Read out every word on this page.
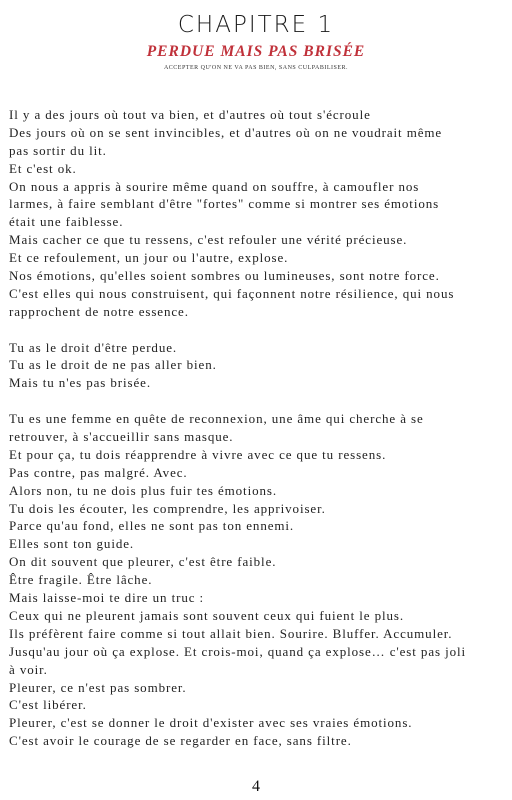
CHAPITRE 1
PERDUE MAIS PAS BRISÉE

ACCEPTER QU'ON NE VA PAS BIEN, SANS CULPABILISER.

Il y a des jours où tout va bien, et d'autres où tout s'écroule
Des jours où on se sent invincibles, et d'autres où on ne voudrait même
pas sortir du lit.
Et c'est ok.
On nous a appris à sourire même quand on souffre, à camoufler nos
larmes, à faire semblant d'être "fortes" comme si montrer ses émotions
était une faiblesse.
Mais cacher ce que tu ressens, c'est refouler une vérité précieuse.
Et ce refoulement, un jour ou l'autre, explose.
Nos émotions, qu'elles soient sombres ou lumineuses, sont notre force.
C'est elles qui nous construisent, qui façonnent notre résilience, qui nous
rapprochent de notre essence.
Tu as le droit d'être perdue.
Tu as le droit de ne pas aller bien.
Mais tu n'es pas brisée.
Tu es une femme en quête de reconnexion, une âme qui cherche à se
retrouver, à s'accueillir sans masque.
Et pour ça, tu dois réapprendre à vivre avec ce que tu ressens.
Pas contre, pas malgré. Avec.
Alors non, tu ne dois plus fuir tes émotions.
Tu dois les écouter, les comprendre, les apprivoiser.
Parce qu'au fond, elles ne sont pas ton ennemi.
Elles sont ton guide.
On dit souvent que pleurer, c'est être faible.
Être fragile. Être lâche.
Mais laisse-moi te dire un truc :
Ceux qui ne pleurent jamais sont souvent ceux qui fuient le plus.
Ils préfèrent faire comme si tout allait bien. Sourire. Bluffer. Accumuler.
Jusqu'au jour où ça explose. Et crois-moi, quand ça explose… c'est pas joli
à voir.
Pleurer, ce n'est pas sombrer.
C'est libérer.
Pleurer, c'est se donner le droit d'exister avec ses vraies émotions.
C'est avoir le courage de se regarder en face, sans filtre.
4
